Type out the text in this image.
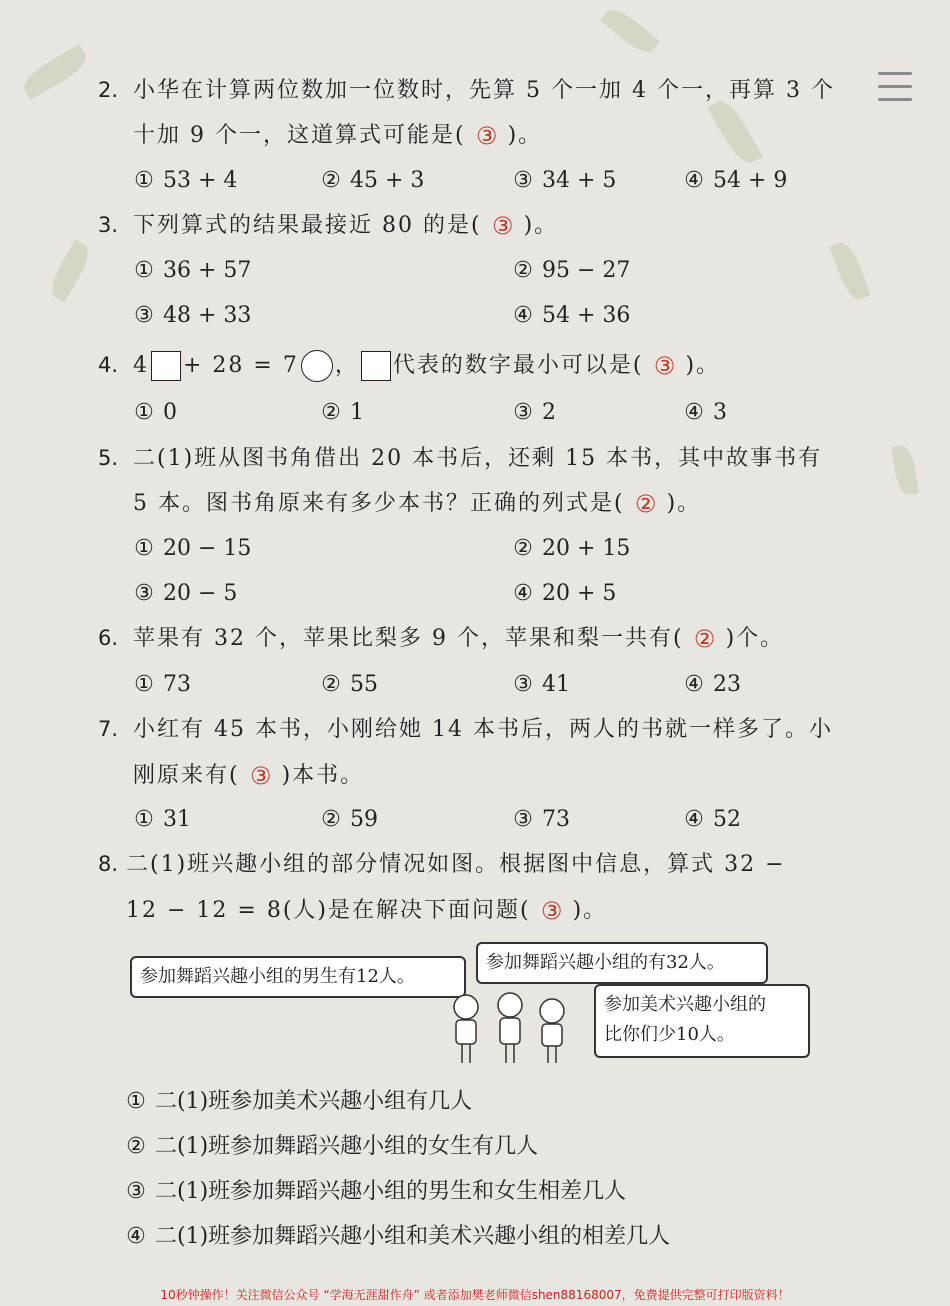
2. 小华在计算两位数加一位数时，先算 5 个一加 4 个一，再算 3 个
十加 9 个一，这道算式可能是( ③ )。
① 53 + 4	② 45 + 3	③ 34 + 5	④ 54 + 9
3. 下列算式的结果最接近 80 的是( ③ )。
① 36 + 57	② 95 − 27
③ 48 + 33	④ 54 + 36
4. 4 + 28 = 7 ， 代表的数字最小可以是( ③ )。
① 0	② 1	③ 2	④ 3
5. 二(1)班从图书角借出 20 本书后，还剩 15 本书，其中故事书有
5 本。图书角原来有多少本书？正确的列式是( ② )。
① 20 − 15	② 20 + 15
③ 20 − 5	④ 20 + 5
6. 苹果有 32 个，苹果比梨多 9 个，苹果和梨一共有( ② )个。
① 73	② 55	③ 41	④ 23
7. 小红有 45 本书，小刚给她 14 本书后，两人的书就一样多了。小
刚原来有( ③ )本书。
① 31	② 59	③ 73	④ 52
8. 二(1)班兴趣小组的部分情况如图。根据图中信息，算式 32 −
12 − 12 = 8(人)是在解决下面问题( ③ )。
参加舞蹈兴趣小组的男生有12人。
参加舞蹈兴趣小组的有32人。
参加美术兴趣小组的
比你们少10人。
① 二(1)班参加美术兴趣小组有几人
② 二(1)班参加舞蹈兴趣小组的女生有几人
③ 二(1)班参加舞蹈兴趣小组的男生和女生相差几人
④ 二(1)班参加舞蹈兴趣小组和美术兴趣小组的相差几人
10秒钟操作！关注微信公众号 “学海无涯甜作舟” 或者添加樊老师微信shen88168007，免费提供完整可打印版资料！
